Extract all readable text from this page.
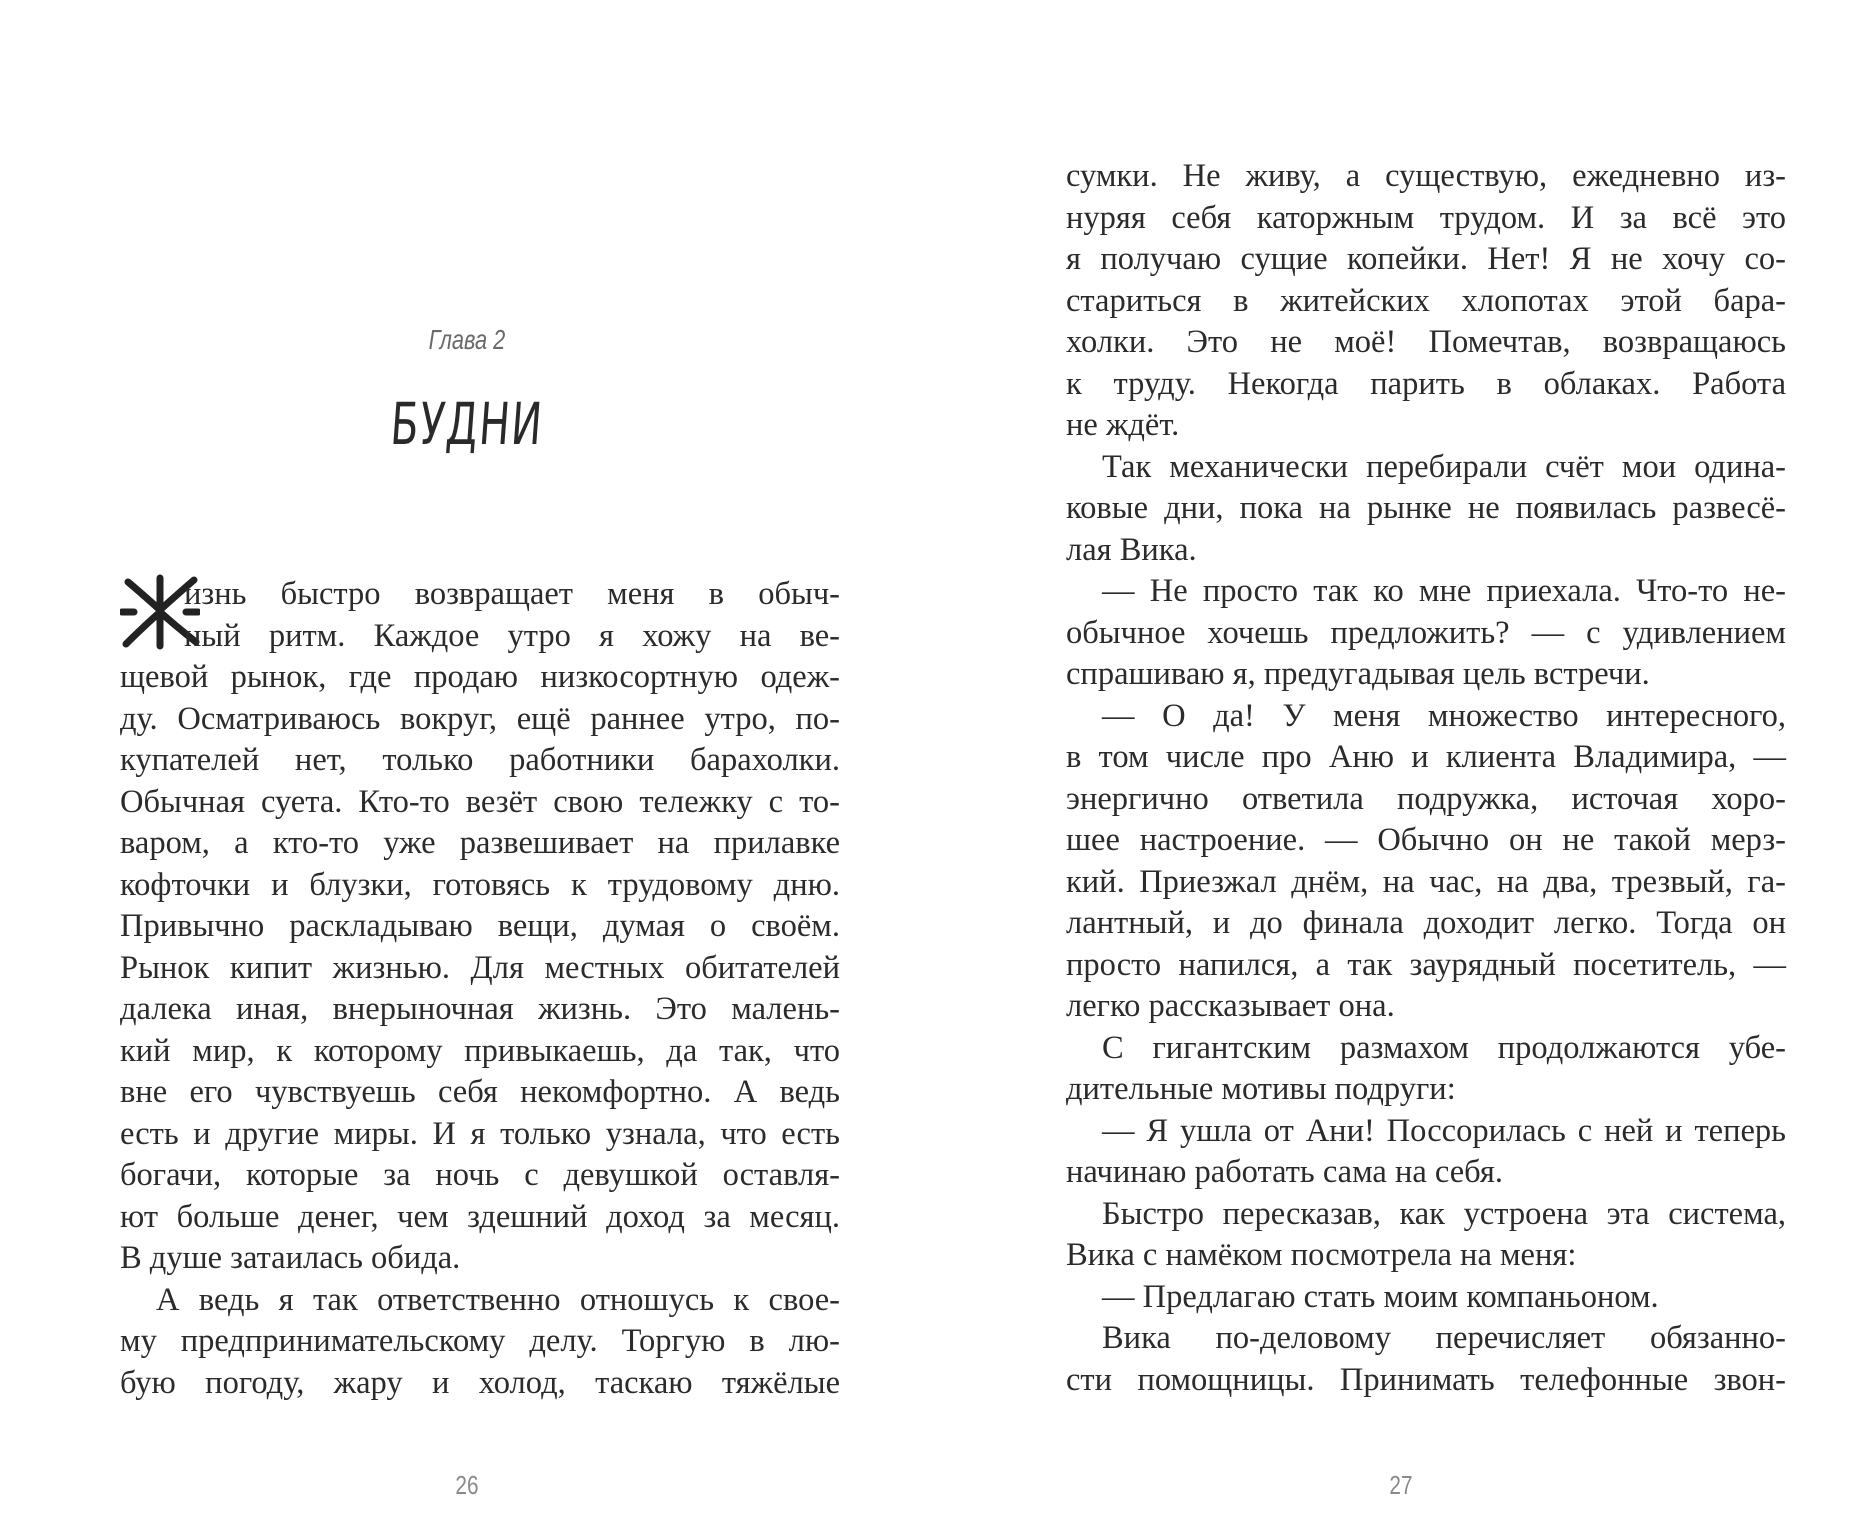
Глава 2
БУДНИ
изнь быстро возвращает меня в обыч-
ный ритм. Каждое утро я хожу на ве-
щевой рынок, где продаю низкосортную одеж-
ду. Осматриваюсь вокруг, ещё раннее утро, по-
купателей нет, только работники барахолки.
Обычная суета. Кто-то везёт свою тележку с то-
варом, а кто-то уже развешивает на прилавке
кофточки и блузки, готовясь к трудовому дню.
Привычно раскладываю вещи, думая о своём.
Рынок кипит жизнью. Для местных обитателей
далека иная, внерыночная жизнь. Это малень-
кий мир, к которому привыкаешь, да так, что
вне его чувствуешь себя некомфортно. А ведь
есть и другие миры. И я только узнала, что есть
богачи, которые за ночь с девушкой оставля-
ют больше денег, чем здешний доход за месяц.
В душе затаилась обида.
А ведь я так ответственно отношусь к свое-
му предпринимательскому делу. Торгую в лю-
бую погоду, жару и холод, таскаю тяжёлые
26
сумки. Не живу, а существую, ежедневно из-
нуряя себя каторжным трудом. И за всё это
я получаю сущие копейки. Нет! Я не хочу со-
стариться в житейских хлопотах этой бара-
холки. Это не моё! Помечтав, возвращаюсь
к труду. Некогда парить в облаках. Работа
не ждёт.
Так механически перебирали счёт мои одина-
ковые дни, пока на рынке не появилась развесё-
лая Вика.
— Не просто так ко мне приехала. Что-то не-
обычное хочешь предложить? — с удивлением
спрашиваю я, предугадывая цель встречи.
— О да! У меня множество интересного,
в том числе про Аню и клиента Владимира, —
энергично ответила подружка, источая хоро-
шее настроение. — Обычно он не такой мерз-
кий. Приезжал днём, на час, на два, трезвый, га-
лантный, и до финала доходит легко. Тогда он
просто напился, а так заурядный посетитель, —
легко рассказывает она.
С гигантским размахом продолжаются убе-
дительные мотивы подруги:
— Я ушла от Ани! Поссорилась с ней и теперь
начинаю работать сама на себя.
Быстро пересказав, как устроена эта система,
Вика с намёком посмотрела на меня:
— Предлагаю стать моим компаньоном.
Вика по-деловому перечисляет обязанно-
сти помощницы. Принимать телефонные звон-
27
